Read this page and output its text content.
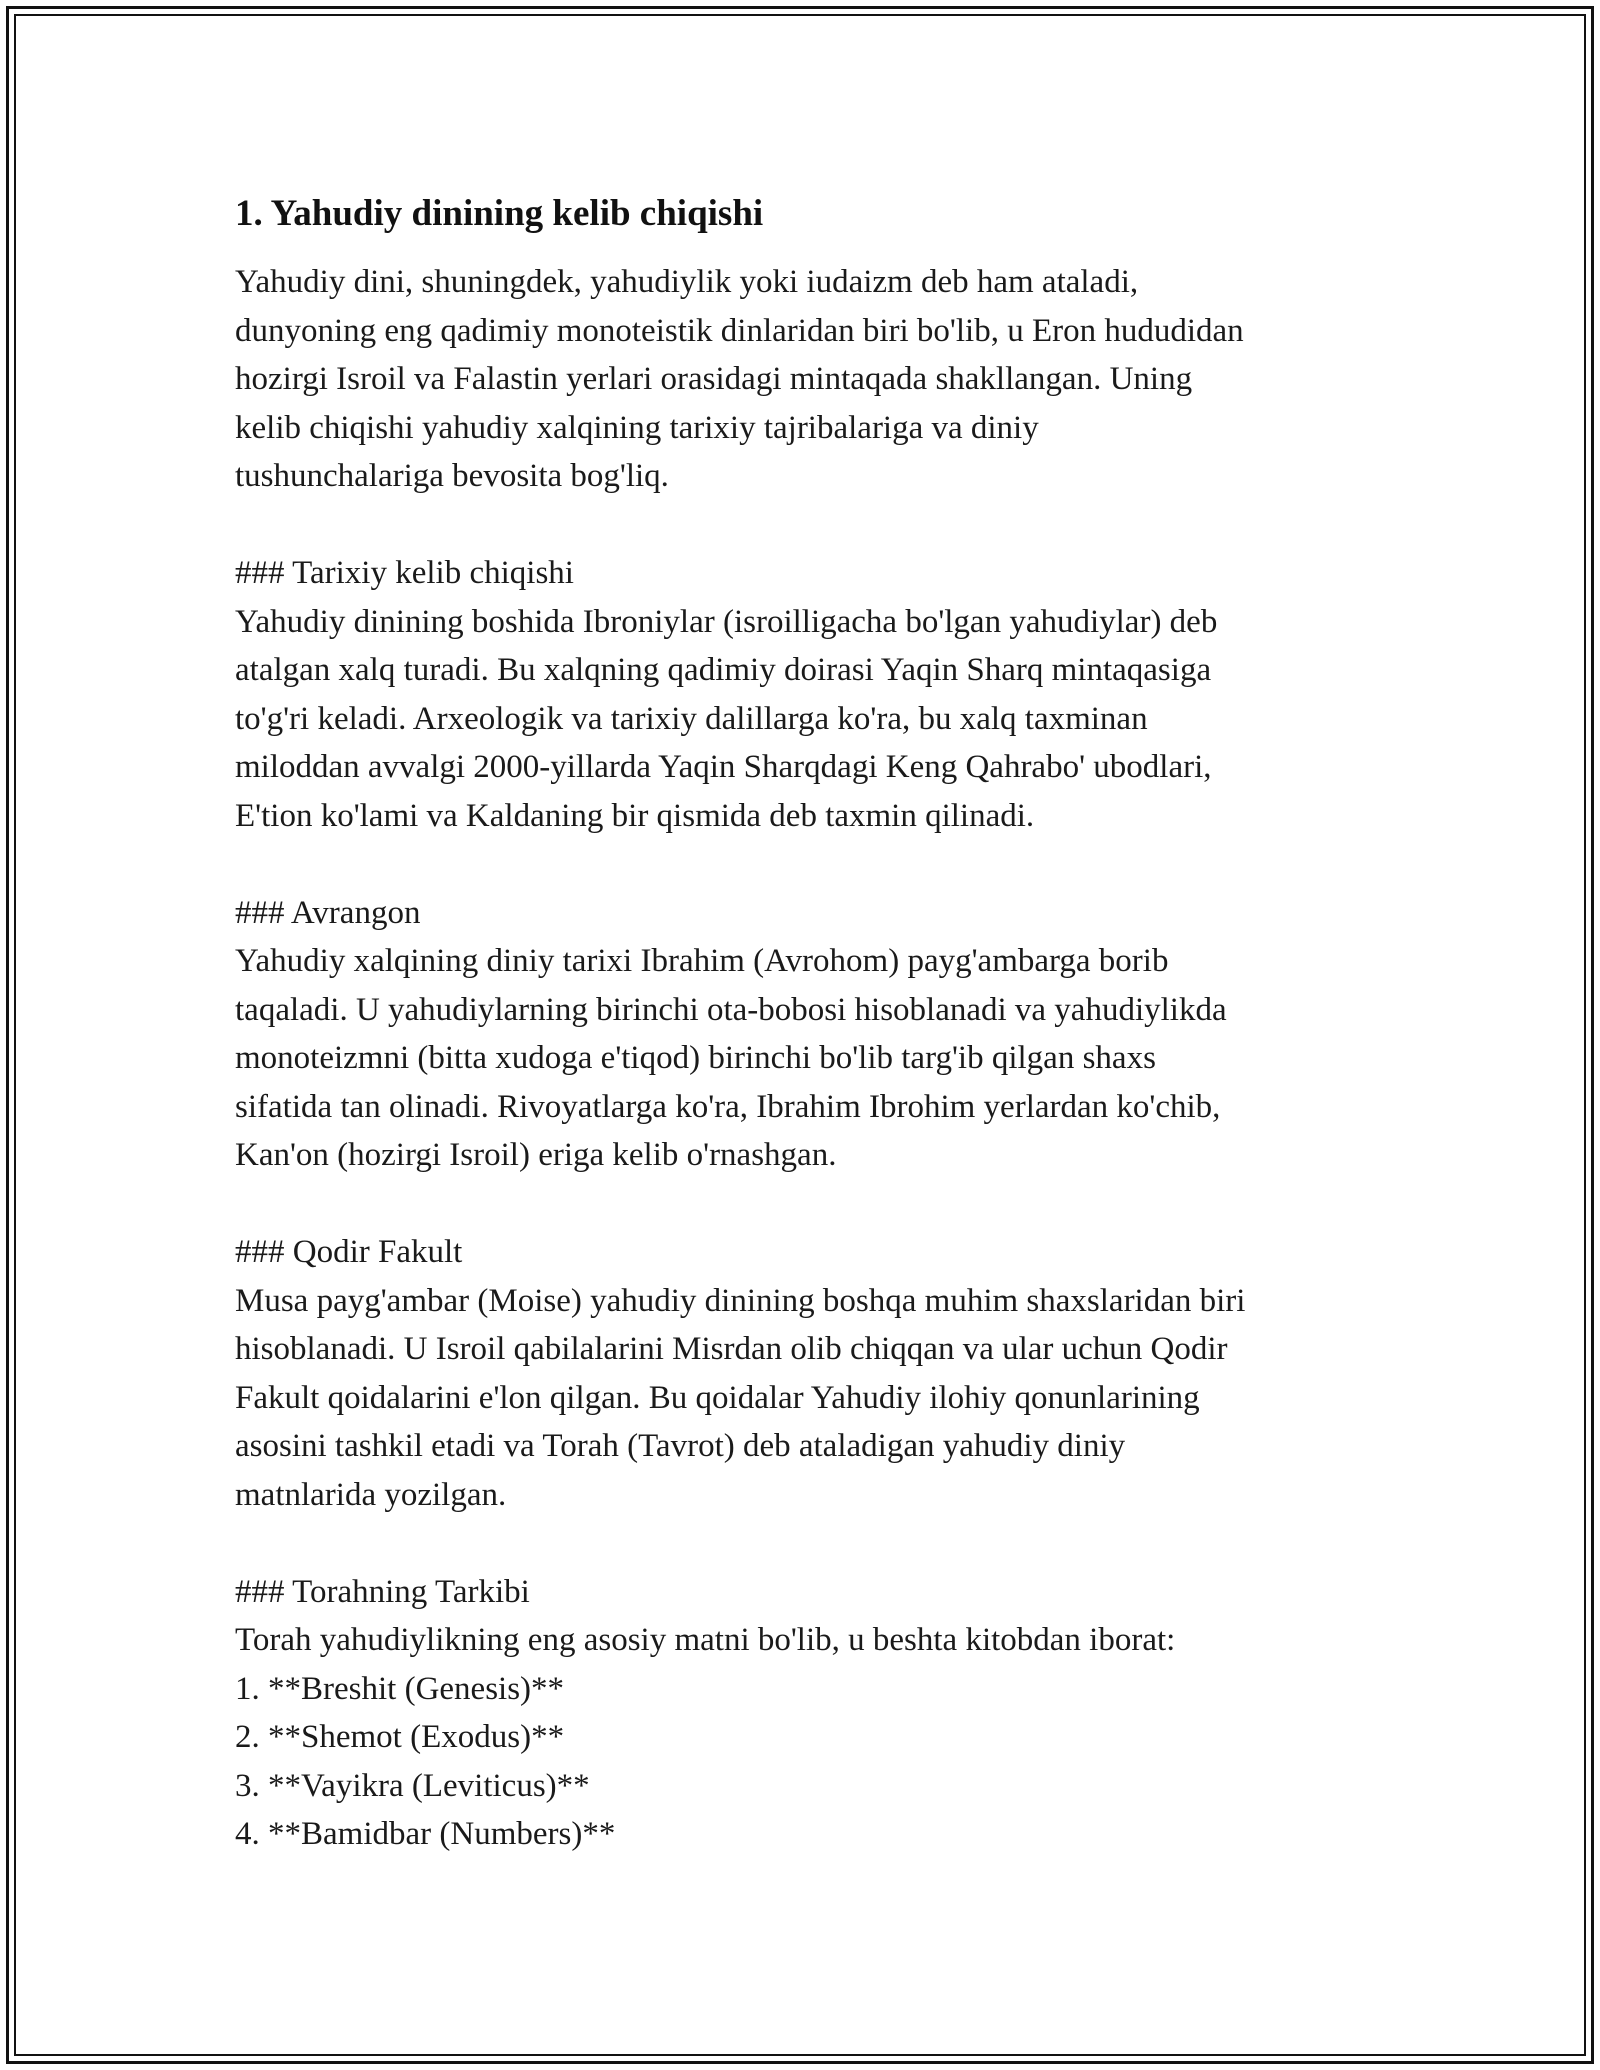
1. Yahudiy dinining kelib chiqishi
Yahudiy dini, shuningdek, yahudiylik yoki iudaizm deb ham ataladi,
dunyoning eng qadimiy monoteistik dinlaridan biri bo'lib, u Eron hududidan
hozirgi Isroil va Falastin yerlari orasidagi mintaqada shakllangan. Uning
kelib chiqishi yahudiy xalqining tarixiy tajribalariga va diniy
tushunchalariga bevosita bog'liq.
### Tarixiy kelib chiqishi
Yahudiy dinining boshida Ibroniylar (isroilligacha bo'lgan yahudiylar) deb
atalgan xalq turadi. Bu xalqning qadimiy doirasi Yaqin Sharq mintaqasiga
to'g'ri keladi. Arxeologik va tarixiy dalillarga ko'ra, bu xalq taxminan
miloddan avvalgi 2000-yillarda Yaqin Sharqdagi Keng Qahrabo' ubodlari,
E'tion ko'lami va Kaldaning bir qismida deb taxmin qilinadi.
### Avrangon
Yahudiy xalqining diniy tarixi Ibrahim (Avrohom) payg'ambarga borib
taqaladi. U yahudiylarning birinchi ota-bobosi hisoblanadi va yahudiylikda
monoteizmni (bitta xudoga e'tiqod) birinchi bo'lib targ'ib qilgan shaxs
sifatida tan olinadi. Rivoyatlarga ko'ra, Ibrahim Ibrohim yerlardan ko'chib,
Kan'on (hozirgi Isroil) eriga kelib o'rnashgan.
### Qodir Fakult
Musa payg'ambar (Moise) yahudiy dinining boshqa muhim shaxslaridan biri
hisoblanadi. U Isroil qabilalarini Misrdan olib chiqqan va ular uchun Qodir
Fakult qoidalarini e'lon qilgan. Bu qoidalar Yahudiy ilohiy qonunlarining
asosini tashkil etadi va Torah (Tavrot) deb ataladigan yahudiy diniy
matnlarida yozilgan.
### Torahning Tarkibi
Torah yahudiylikning eng asosiy matni bo'lib, u beshta kitobdan iborat:
1. **Breshit (Genesis)**
2. **Shemot (Exodus)**
3. **Vayikra (Leviticus)**
4. **Bamidbar (Numbers)**
